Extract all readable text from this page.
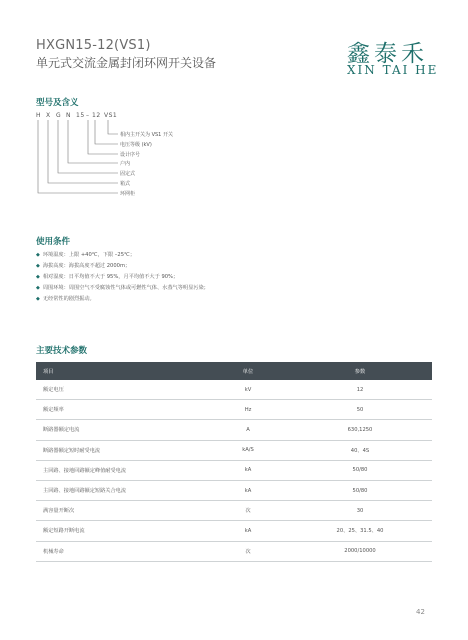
HXGN15-12(VS1)
单元式交流金属封闭环网开关设备	鑫泰禾
XIN TAI HE
型号及含义
H X G N 15 – 12 VS1
相内主开关为 VS1 开关
电压等级 (kV)
设计序号
户内
固定式
箱式
环网柜
使用条件
◆ 环境温度：上限 +40℃，下限 –25℃；
◆ 海拔高度：海拔高度不超过 2000m；
◆ 相对湿度：日平均值不大于 95%，月平均值不大于 90%；
◆ 周围环境：周围空气不受腐蚀性气体或可燃性气体、水蒸气等明显污染；
◆ 无经常性的剧烈振动。
主要技术参数
项目	单位	参数
额定电压	kV	12
额定频率	Hz	50
断路器额定电流	A	630,1250
断路器额定短时耐受电流	kA/S	40、4S
主回路、接地回路额定峰值耐受电流	kA	50/80
主回路、接地回路额定短路关合电流	kA	50/80
满容量开断次	次	30
额定短路开断电流	kA	20、25、31.5、40
机械寿命	次	2000/10000
42
